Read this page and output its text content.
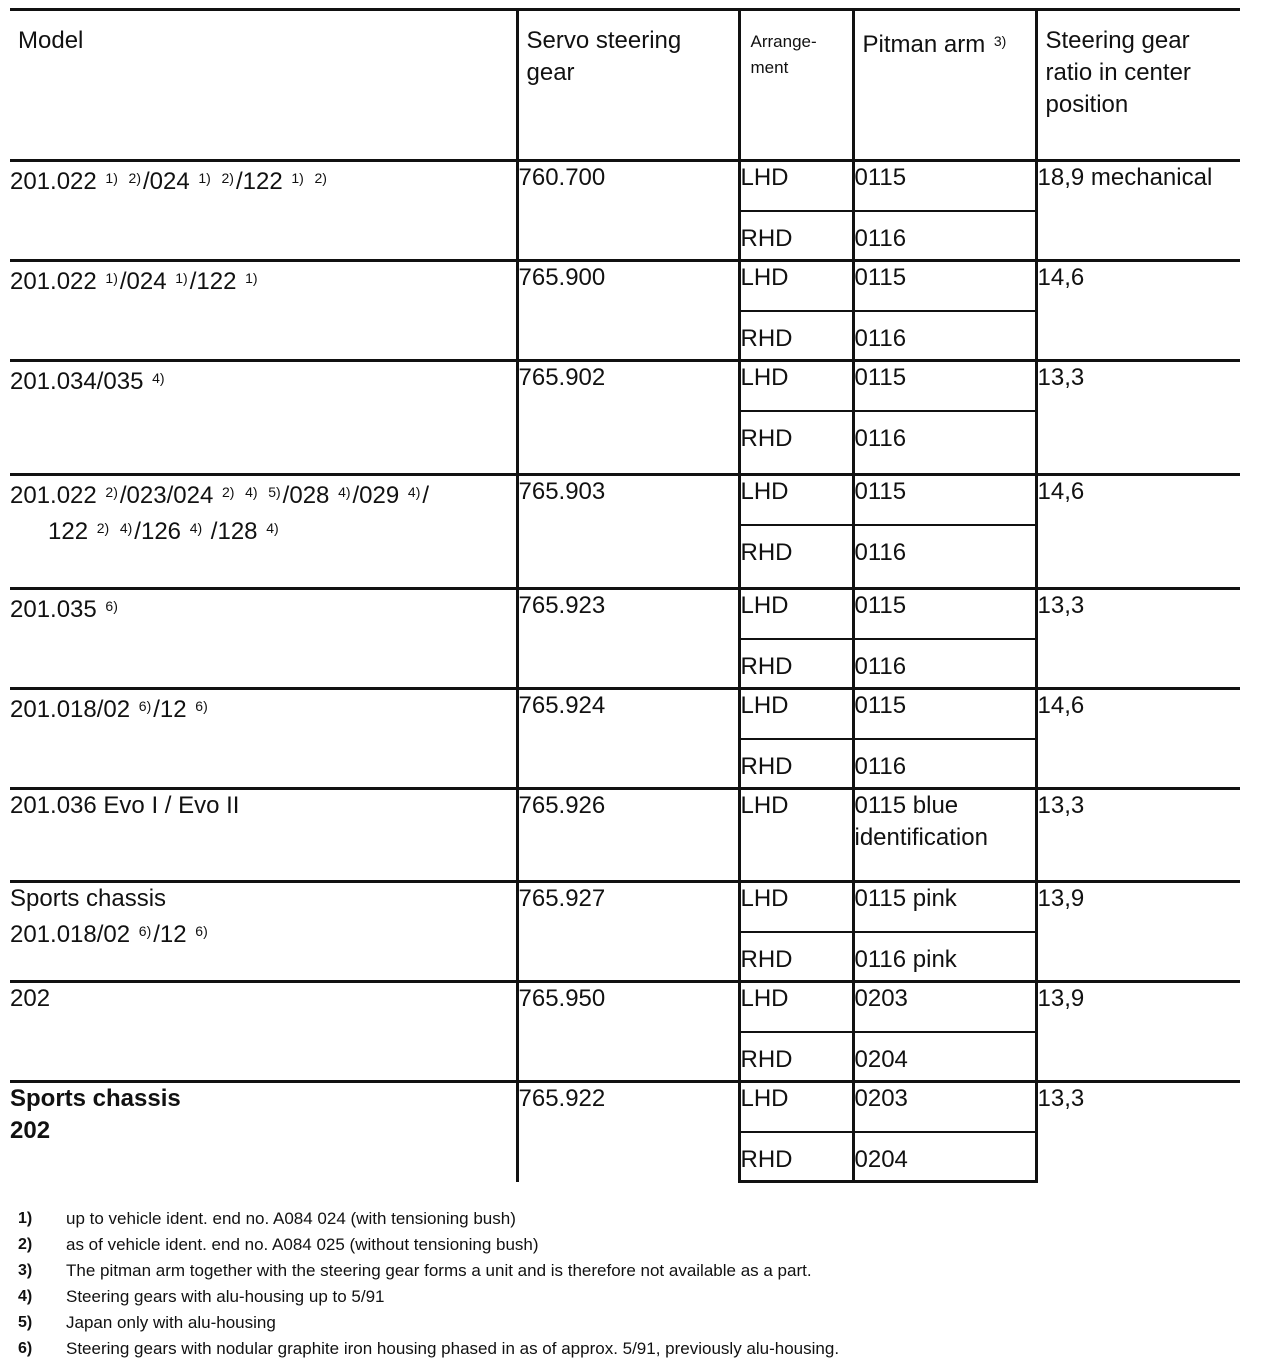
Model	Servo steering gear	Arrange-ment	Pitman arm $^{3)}$	Steering gear ratio in center position

201.022 $^{1)}$ $^{2)}$/024 $^{1)}$ $^{2)}$/122 $^{1)}$ $^{2)}$	760.700	LHD	0115	18,9 mechanical
		RHD	0116	
201.022 $^{1)}$/024 $^{1)}$/122 $^{1)}$	765.900	LHD	0115	14,6
		RHD	0116	
201.034/035 $^{4)}$	765.902	LHD	0115	13,3
		RHD	0116	
201.022 $^{2)}$/023/024 $^{2)}$ $^{4)}$ $^{5)}$/028 $^{4)}$/029 $^{4)}$/
122 $^{2)}$ $^{4)}$/126 $^{4)}$ /128 $^{4)}$	765.903	LHD	0115	14,6
		RHD	0116	
201.035 $^{6)}$	765.923	LHD	0115	13,3
		RHD	0116	
201.018/02 $^{6)}$/12 $^{6)}$	765.924	LHD	0115	14,6
		RHD	0116	
201.036 Evo I / Evo II	765.926	LHD	0115 blue identification	13,3
Sports chassis
201.018/02 $^{6)}$/12 $^{6)}$	765.927	LHD	0115 pink	13,9
		RHD	0116 pink	
202	765.950	LHD	0203	13,9
		RHD	0204	
Sports chassis
202	765.922	LHD	0203	13,3
		RHD	0204	
1)	up to vehicle ident. end no. A084 024 (with tensioning bush)
2)	as of vehicle ident. end no. A084 025 (without tensioning bush)
3)	The pitman arm together with the steering gear forms a unit and is therefore not available as a part.
4)	Steering gears with alu-housing up to 5/91
5)	Japan only with alu-housing
6)	Steering gears with nodular graphite iron housing phased in as of approx. 5/91, previously alu-housing.
